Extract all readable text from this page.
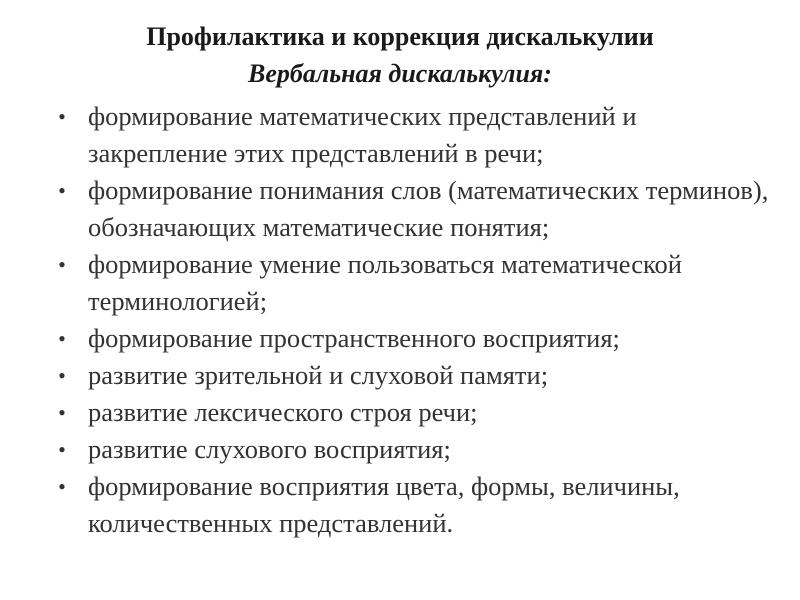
Профилактика и коррекция дискалькулии
Вербальная дискалькулия:
• формирование математических представлений и закрепление этих представлений в речи;
• формирование понимания слов (математических терминов), обозначающих математические понятия;
• формирование умение пользоваться математической терминологией;
• формирование пространственного восприятия;
• развитие зрительной и слуховой памяти;
• развитие лексического строя речи;
• развитие слухового восприятия;
• формирование восприятия цвета, формы, величины, количественных представлений.
